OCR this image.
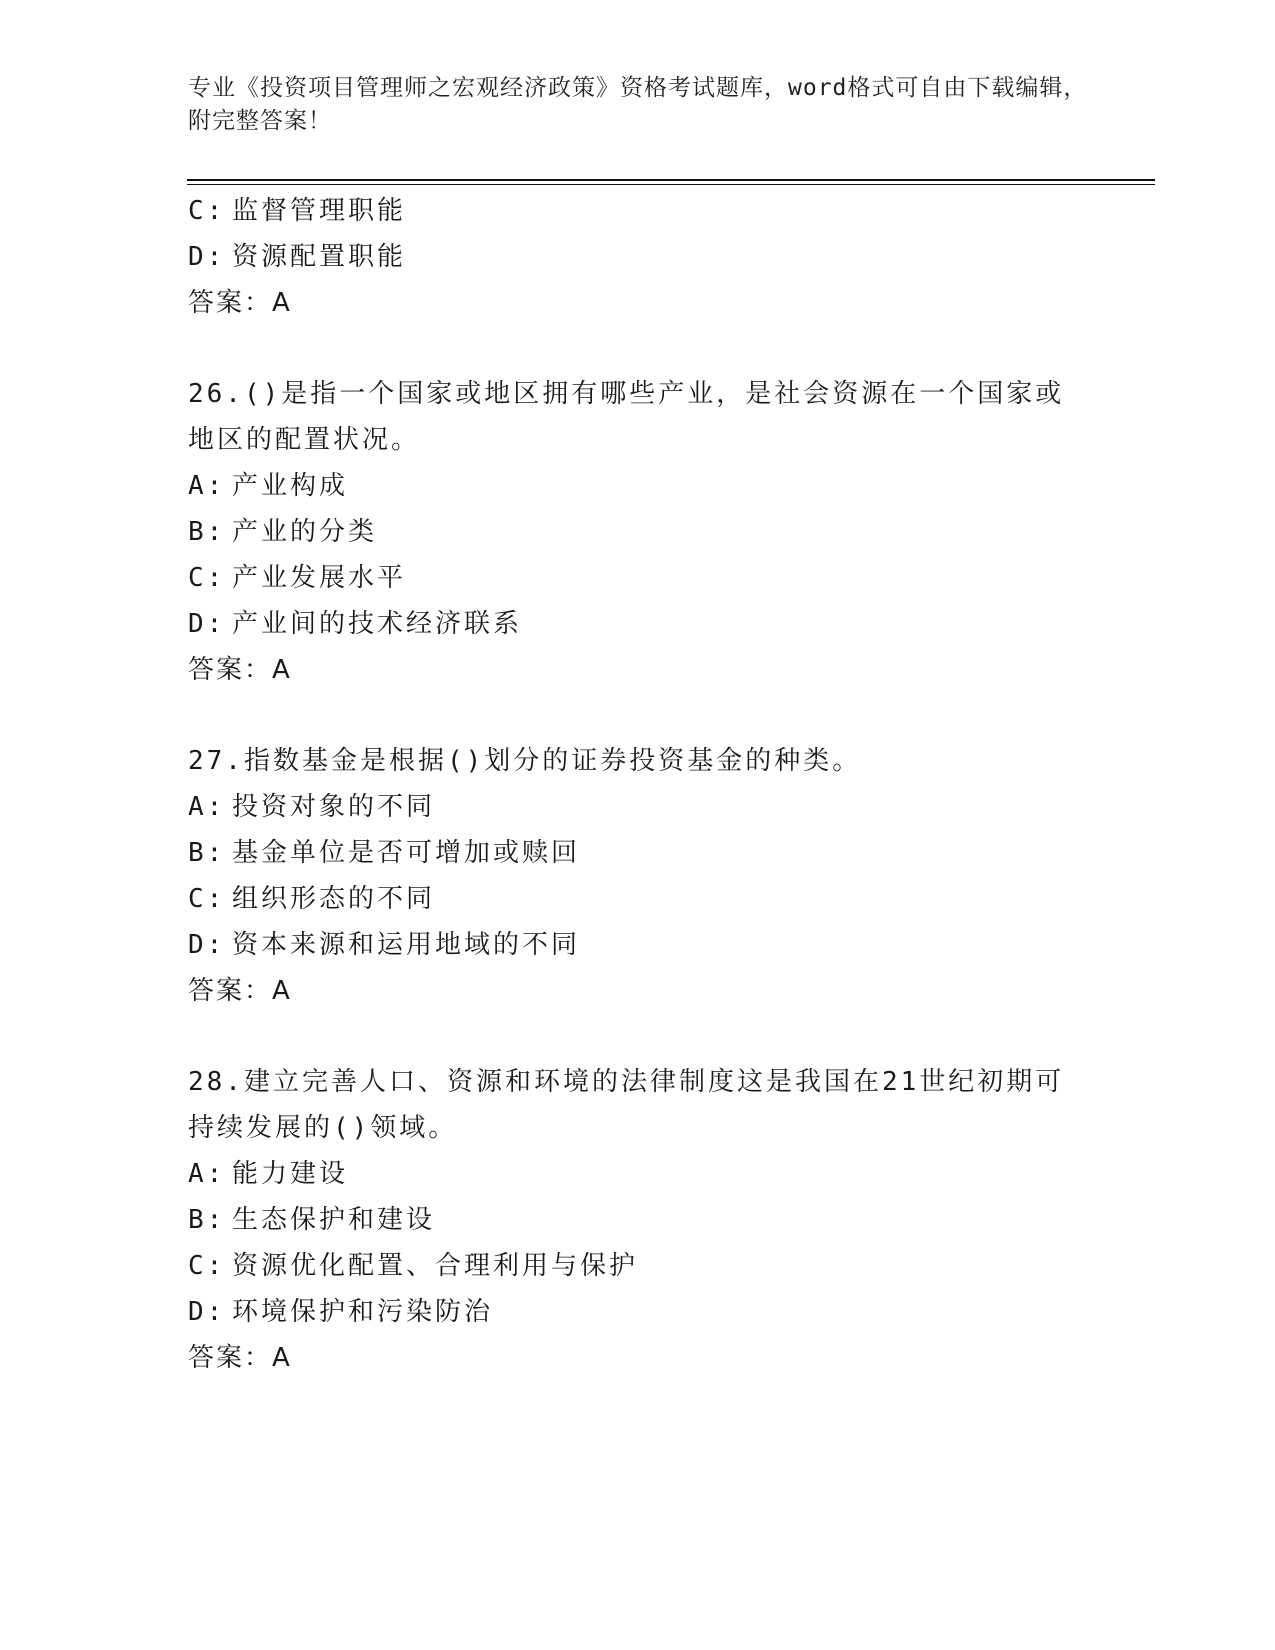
专业《投资项目管理师之宏观经济政策》资格考试题库，word格式可自由下载编辑，附完整答案！
C: 监督管理职能
D: 资源配置职能
答案：A
26.()是指一个国家或地区拥有哪些产业，是社会资源在一个国家或地区的配置状况。
A: 产业构成
B: 产业的分类
C: 产业发展水平
D: 产业间的技术经济联系
答案：A
27.指数基金是根据()划分的证券投资基金的种类。
A: 投资对象的不同
B: 基金单位是否可增加或赎回
C: 组织形态的不同
D: 资本来源和运用地域的不同
答案：A
28.建立完善人口、资源和环境的法律制度这是我国在21世纪初期可持续发展的()领域。
A: 能力建设
B: 生态保护和建设
C: 资源优化配置、合理利用与保护
D: 环境保护和污染防治
答案：A
